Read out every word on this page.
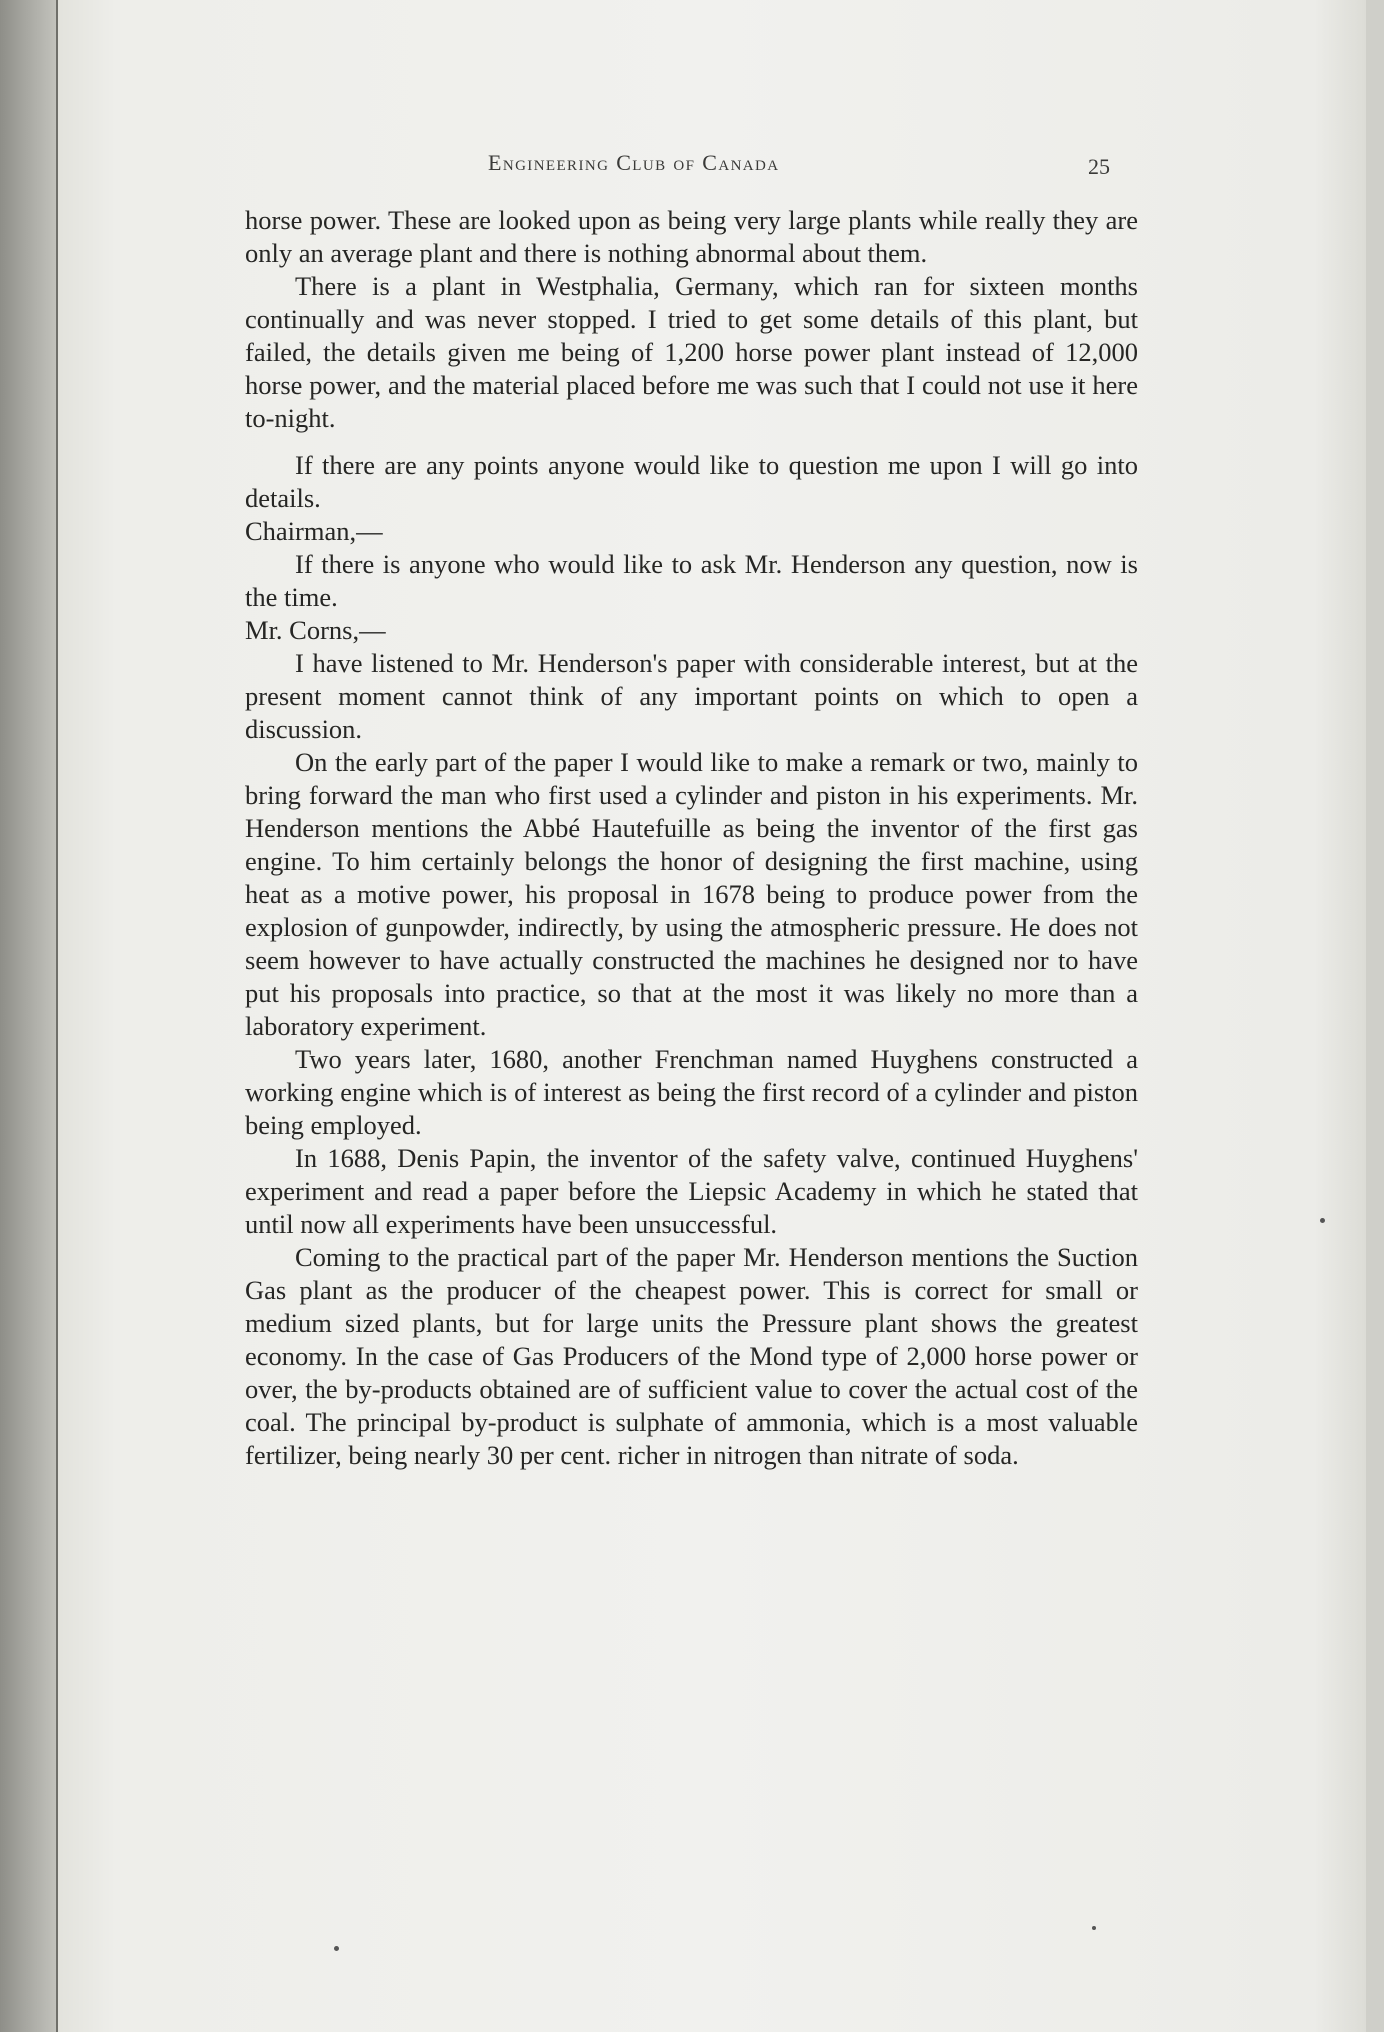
Engineering Club of Canada	25

horse power. These are looked upon as being very large plants while really they are only an average plant and there is nothing abnormal about them.

There is a plant in Westphalia, Germany, which ran for sixteen months continually and was never stopped. I tried to get some details of this plant, but failed, the details given me being of 1,200 horse power plant instead of 12,000 horse power, and the material placed before me was such that I could not use it here to-night.

If there are any points anyone would like to question me upon I will go into details.

Chairman,—

If there is anyone who would like to ask Mr. Henderson any question, now is the time.

Mr. Corns,—

I have listened to Mr. Henderson's paper with considerable interest, but at the present moment cannot think of any important points on which to open a discussion.

On the early part of the paper I would like to make a remark or two, mainly to bring forward the man who first used a cylinder and piston in his experiments. Mr. Henderson mentions the Abbé Hautefuille as being the inventor of the first gas engine. To him certainly belongs the honor of designing the first machine, using heat as a motive power, his proposal in 1678 being to produce power from the explosion of gunpowder, indirectly, by using the atmospheric pressure. He does not seem however to have actually constructed the machines he designed nor to have put his proposals into practice, so that at the most it was likely no more than a laboratory experiment.

Two years later, 1680, another Frenchman named Huyghens constructed a working engine which is of interest as being the first record of a cylinder and piston being employed.

In 1688, Denis Papin, the inventor of the safety valve, continued Huyghens' experiment and read a paper before the Liepsic Academy in which he stated that until now all experiments have been unsuccessful.

Coming to the practical part of the paper Mr. Henderson mentions the Suction Gas plant as the producer of the cheapest power. This is correct for small or medium sized plants, but for large units the Pressure plant shows the greatest economy. In the case of Gas Producers of the Mond type of 2,000 horse power or over, the by-products obtained are of sufficient value to cover the actual cost of the coal. The principal by-product is sulphate of ammonia, which is a most valuable fertilizer, being nearly 30 per cent. richer in nitrogen than nitrate of soda.
